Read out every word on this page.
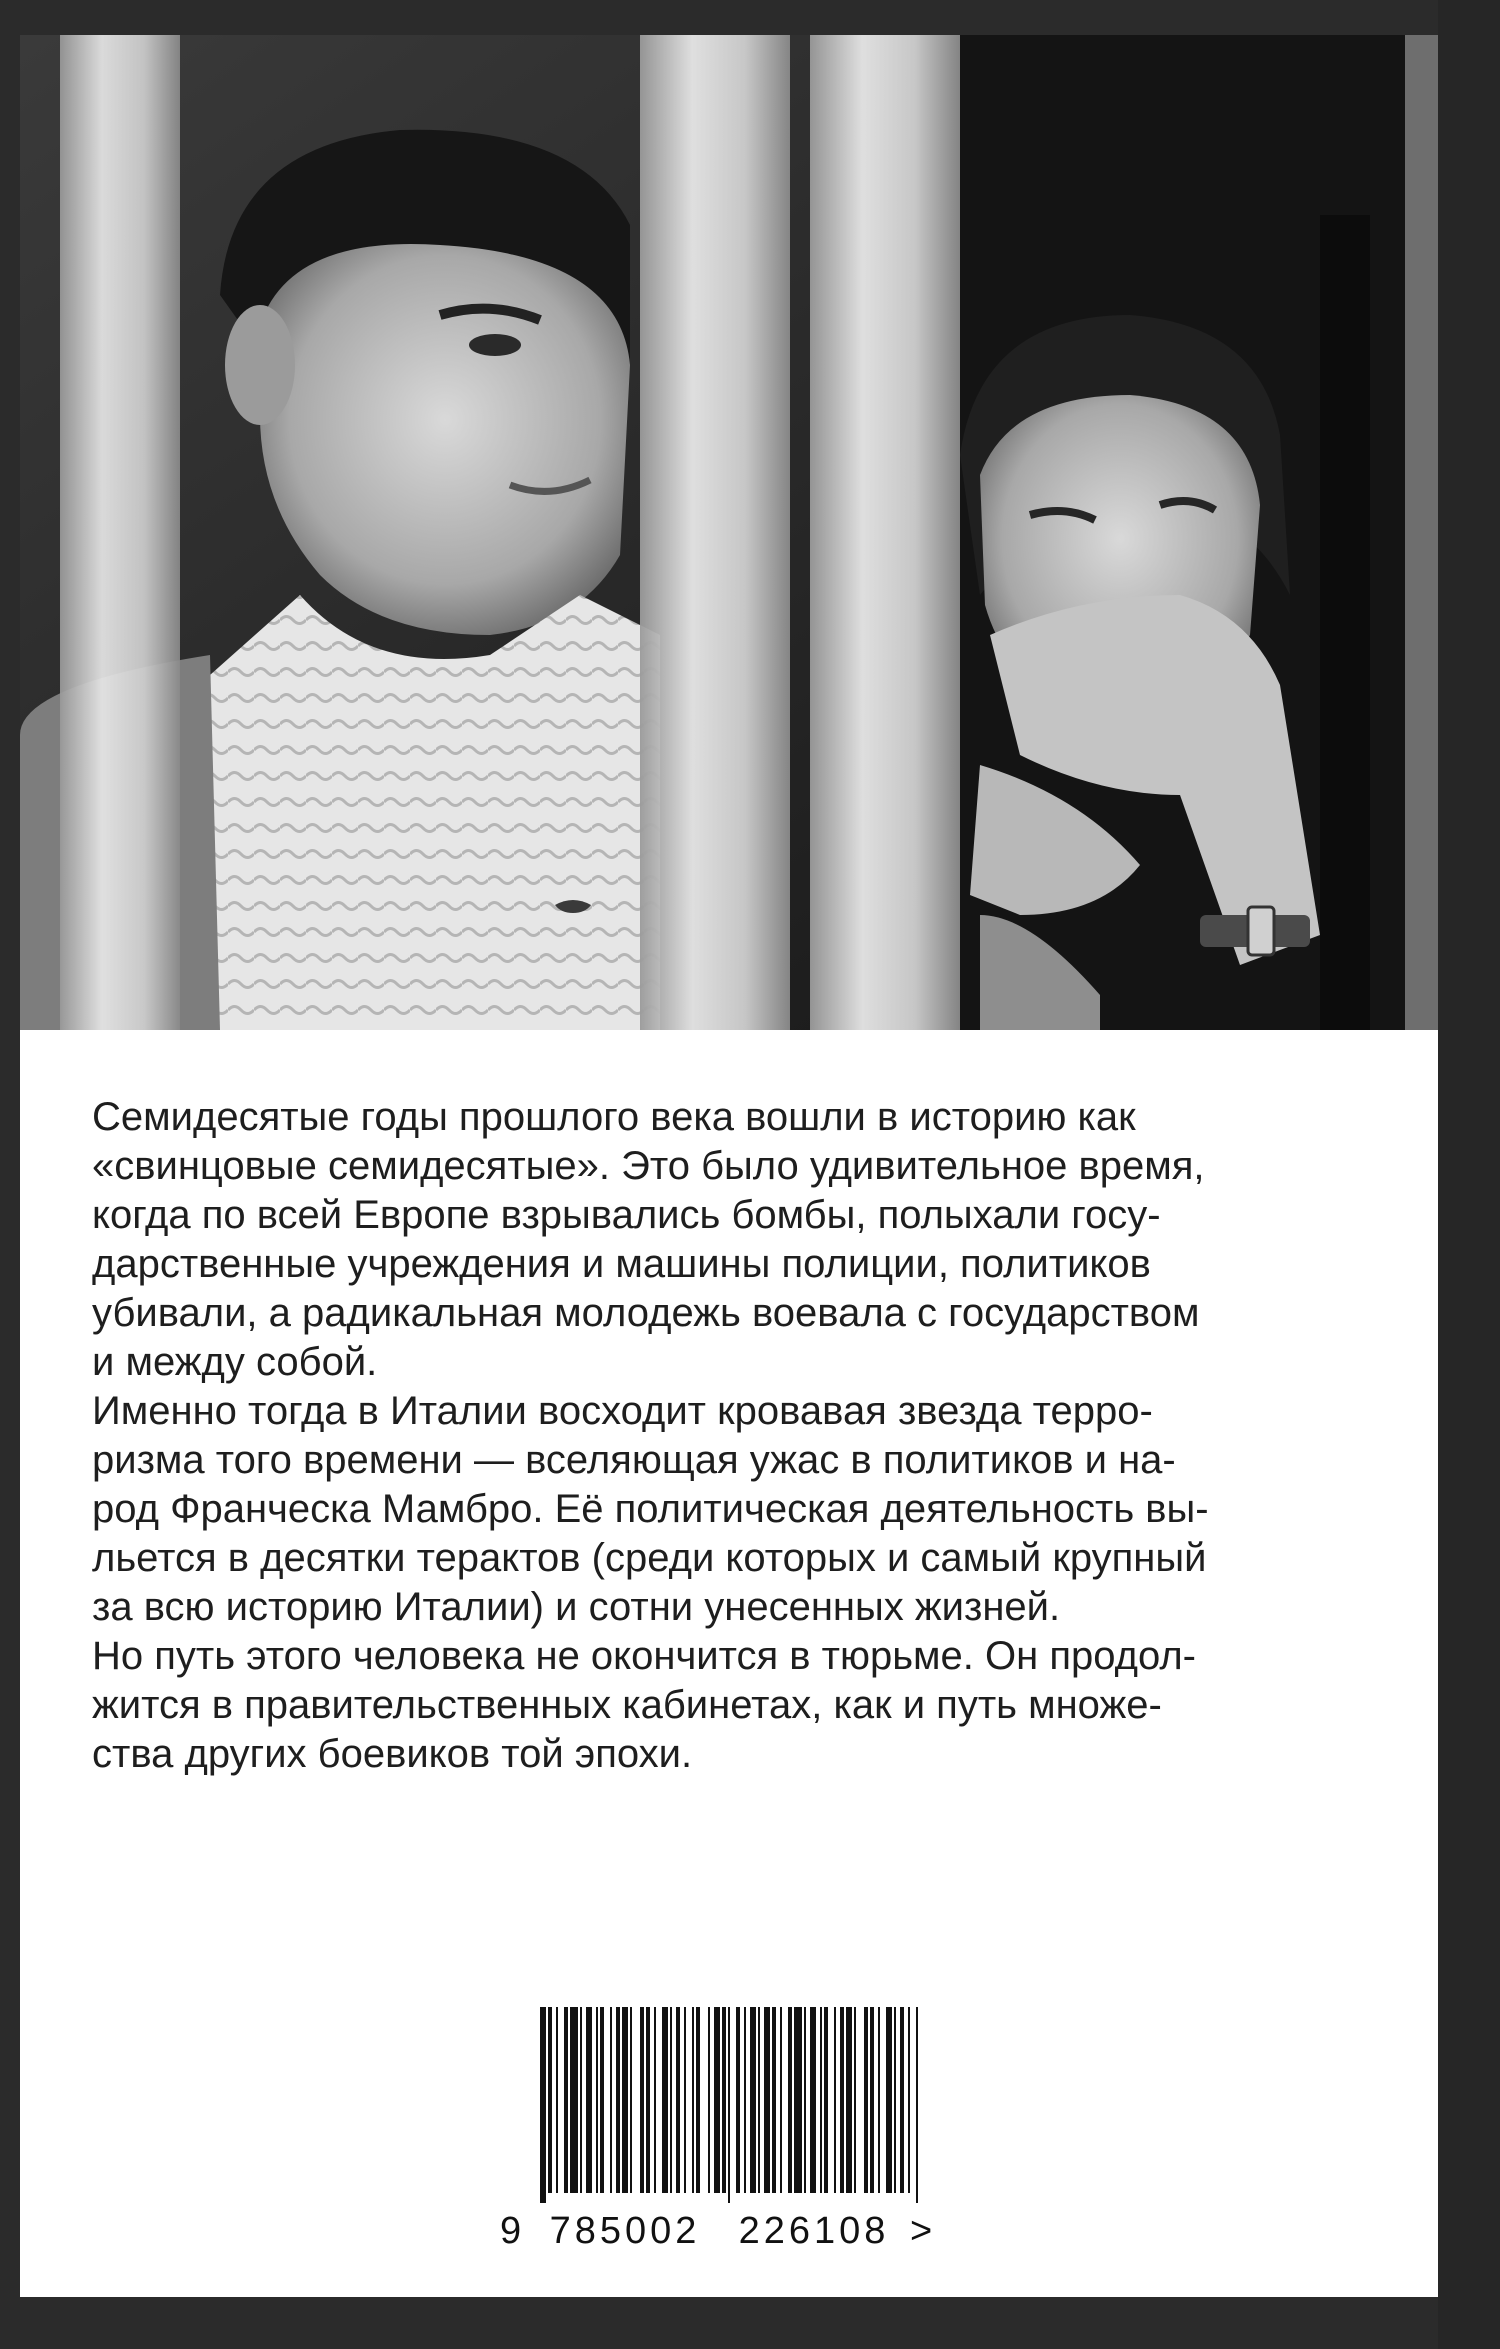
Семидесятые годы прошлого века вошли в историю как
«свинцовые семидесятые». Это было удивительное время,
когда по всей Европе взрывались бомбы, полыхали госу-
дарственные учреждения и машины полиции, политиков
убивали, а радикальная молодежь воевала с государством
и между собой.

Именно тогда в Италии восходит кровавая звезда терро-
ризма того времени — вселяющая ужас в политиков и на-
род Франческа Мамбро. Её политическая деятельность вы-
льется в десятки терактов (среди которых и самый крупный
за всю историю Италии) и сотни унесенных жизней.

Но путь этого человека не окончится в тюрьме. Он продол-
жится в правительственных кабинетах, как и путь множе-
ства других боевиков той эпохи.

9 785002	226108 >
